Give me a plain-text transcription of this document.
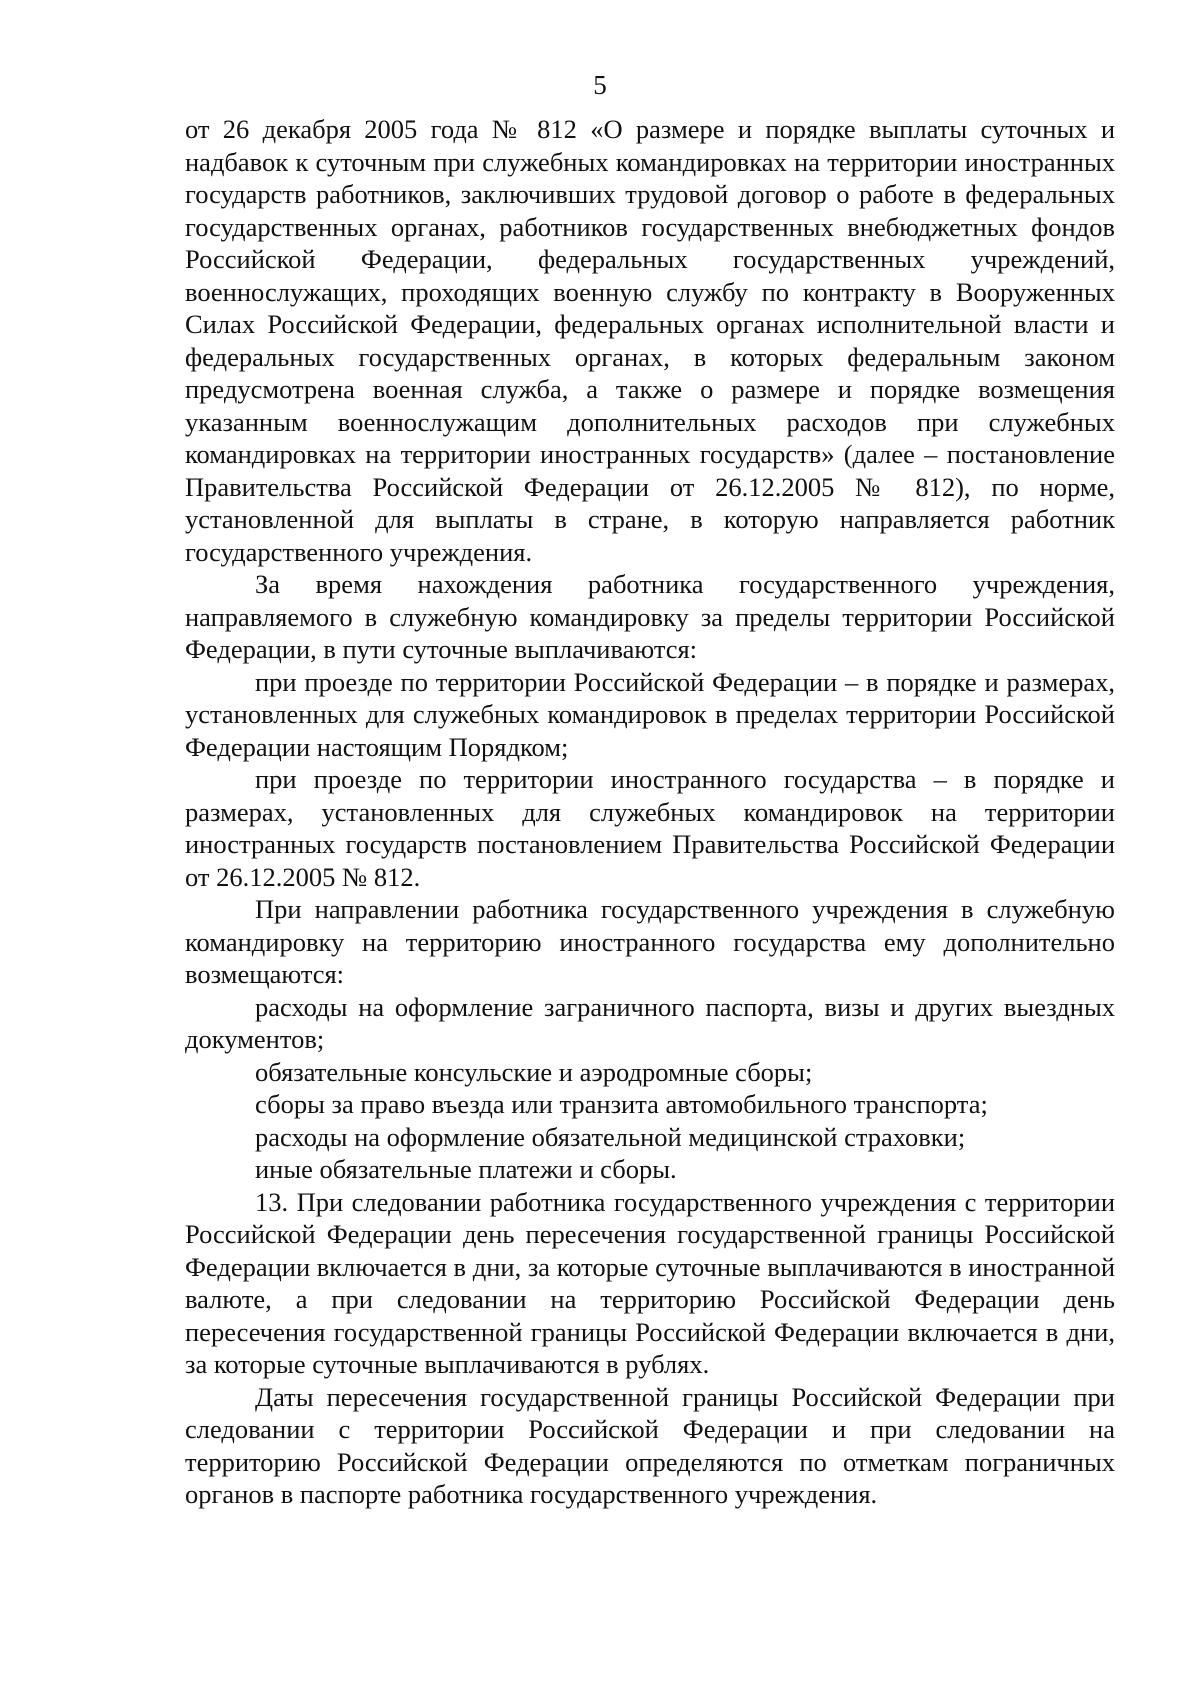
5

от 26 декабря 2005 года № 812 «О размере и порядке выплаты суточных и надбавок к суточным при служебных командировках на территории иностранных государств работников, заключивших трудовой договор о работе в федеральных государственных органах, работников государственных внебюджетных фондов Российской Федерации, федеральных государственных учреждений, военнослужащих, проходящих военную службу по контракту в Вооруженных Силах Российской Федерации, федеральных органах исполнительной власти и федеральных государственных органах, в которых федеральным законом предусмотрена военная служба, а также о размере и порядке возмещения указанным военнослужащим дополнительных расходов при служебных командировках на территории иностранных государств» (далее – постановление Правительства Российской Федерации от 26.12.2005 № 812), по норме, установленной для выплаты в стране, в которую направляется работник государственного учреждения.

За время нахождения работника государственного учреждения, направляемого в служебную командировку за пределы территории Российской Федерации, в пути суточные выплачиваются:

при проезде по территории Российской Федерации – в порядке и размерах, установленных для служебных командировок в пределах территории Российской Федерации настоящим Порядком;

при проезде по территории иностранного государства – в порядке и размерах, установленных для служебных командировок на территории иностранных государств постановлением Правительства Российской Федерации от 26.12.2005 № 812.

При направлении работника государственного учреждения в служебную командировку на территорию иностранного государства ему дополнительно возмещаются:

расходы на оформление заграничного паспорта, визы и других выездных документов;

обязательные консульские и аэродромные сборы;

сборы за право въезда или транзита автомобильного транспорта;

расходы на оформление обязательной медицинской страховки;

иные обязательные платежи и сборы.

13. При следовании работника государственного учреждения с территории Российской Федерации день пересечения государственной границы Российской Федерации включается в дни, за которые суточные выплачиваются в иностранной валюте, а при следовании на территорию Российской Федерации день пересечения государственной границы Российской Федерации включается в дни, за которые суточные выплачиваются в рублях.

Даты пересечения государственной границы Российской Федерации при следовании с территории Российской Федерации и при следовании на территорию Российской Федерации определяются по отметкам пограничных органов в паспорте работника государственного учреждения.
